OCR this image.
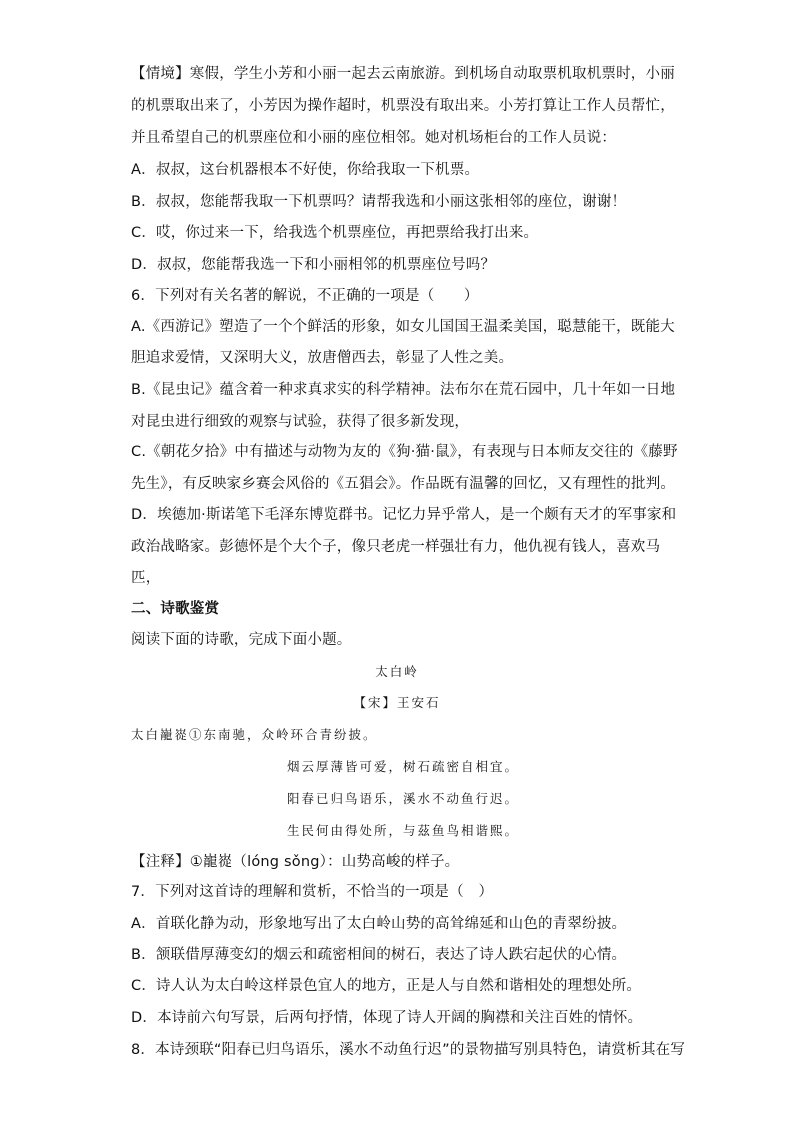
【情境】寒假，学生小芳和小丽一起去云南旅游。到机场自动取票机取机票时，小丽
的机票取出来了，小芳因为操作超时，机票没有取出来。小芳打算让工作人员帮忙，
并且希望自己的机票座位和小丽的座位相邻。她对机场柜台的工作人员说：
A．叔叔，这台机器根本不好使，你给我取一下机票。
B．叔叔，您能帮我取一下机票吗？请帮我选和小丽这张相邻的座位，谢谢！
C．哎，你过来一下，给我选个机票座位，再把票给我打出来。
D．叔叔，您能帮我选一下和小丽相邻的机票座位号吗？
6．下列对有关名著的解说，不正确的一项是（　　）
A.《西游记》塑造了一个个鲜活的形象，如女儿国国王温柔美国，聪慧能干，既能大
胆追求爱情，又深明大义，放唐僧西去，彰显了人性之美。
B.《昆虫记》蕴含着一种求真求实的科学精神。法布尔在荒石园中，几十年如一日地
对昆虫进行细致的观察与试验，获得了很多新发现，
C.《朝花夕拾》中有描述与动物为友的《狗·猫·鼠》，有表现与日本师友交往的《藤野
先生》，有反映家乡赛会风俗的《五猖会》。作品既有温馨的回忆，又有理性的批判。
D．埃德加·斯诺笔下毛泽东博览群书。记忆力异乎常人，是一个颇有天才的军事家和
政治战略家。彭德怀是个大个子，像只老虎一样强壮有力，他仇视有钱人，喜欢马
匹，
二、诗歌鉴赏
阅读下面的诗歌，完成下面小题。
太白岭
【宋】王安石
太白巃嵸①东南驰，众岭环合青纷披。
烟云厚薄皆可爱，树石疏密自相宜。
阳春已归鸟语乐，溪水不动鱼行迟。
生民何由得处所，与茲鱼鸟相谐熙。
【注释】①巃嵸（lóng sǒng）：山势高峻的样子。
7．下列对这首诗的理解和赏析，不恰当的一项是（　）
A．首联化静为动，形象地写出了太白岭山势的高耸绵延和山色的青翠纷披。
B．颔联借厚薄变幻的烟云和疏密相间的树石，表达了诗人跌宕起伏的心情。
C．诗人认为太白岭这样景色宜人的地方，正是人与自然和谐相处的理想处所。
D．本诗前六句写景，后两句抒情，体现了诗人开阔的胸襟和关注百姓的情怀。
8．本诗颈联“阳春已归鸟语乐，溪水不动鱼行迟”的景物描写别具特色，请赏析其在写
